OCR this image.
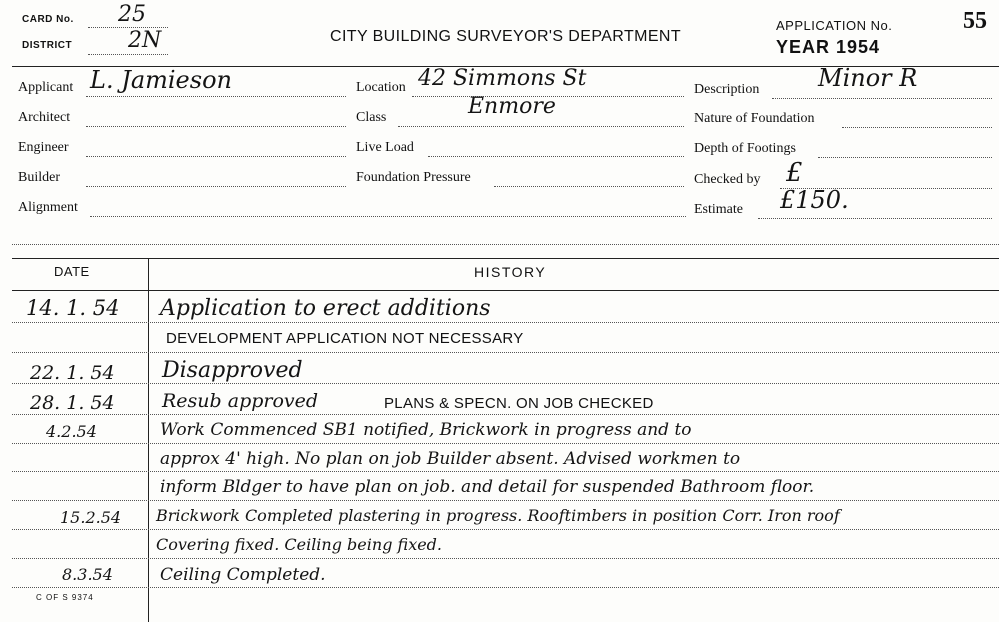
CARD No. 25
DISTRICT	2N	CITY BUILDING SURVEYOR'S DEPARTMENT
APPLICATION No.	55
YEAR 1954
Applicant L. Jamieson
Architect
Engineer
Builder
Alignment
Location 42 Simmons St
Class	Enmore
Live Load
Foundation Pressure
Description Minor R
Nature of Foundation
Depth of Footings
Checked by £
Estimate £150.
DATE	HISTORY
14. 1. 54 Application to erect additions
DEVELOPMENT APPLICATION NOT NECESSARY
22. 1. 54 Disapproved
28. 1. 54 Resub approved	PLANS & SPECN. ON JOB CHECKED
4.2.54	Work Commenced SB1 notified, Brickwork in progress and to
approx 4' high. No plan on job Builder absent. Advised workmen to
inform Bldger to have plan on job. and detail for suspended Bathroom floor.
15.2.54 Brickwork Completed plastering in progress. Rooftimbers in position Corr. Iron roof
Covering fixed. Ceiling being fixed.
8.3.54	Ceiling Completed.
C OF S 9374
